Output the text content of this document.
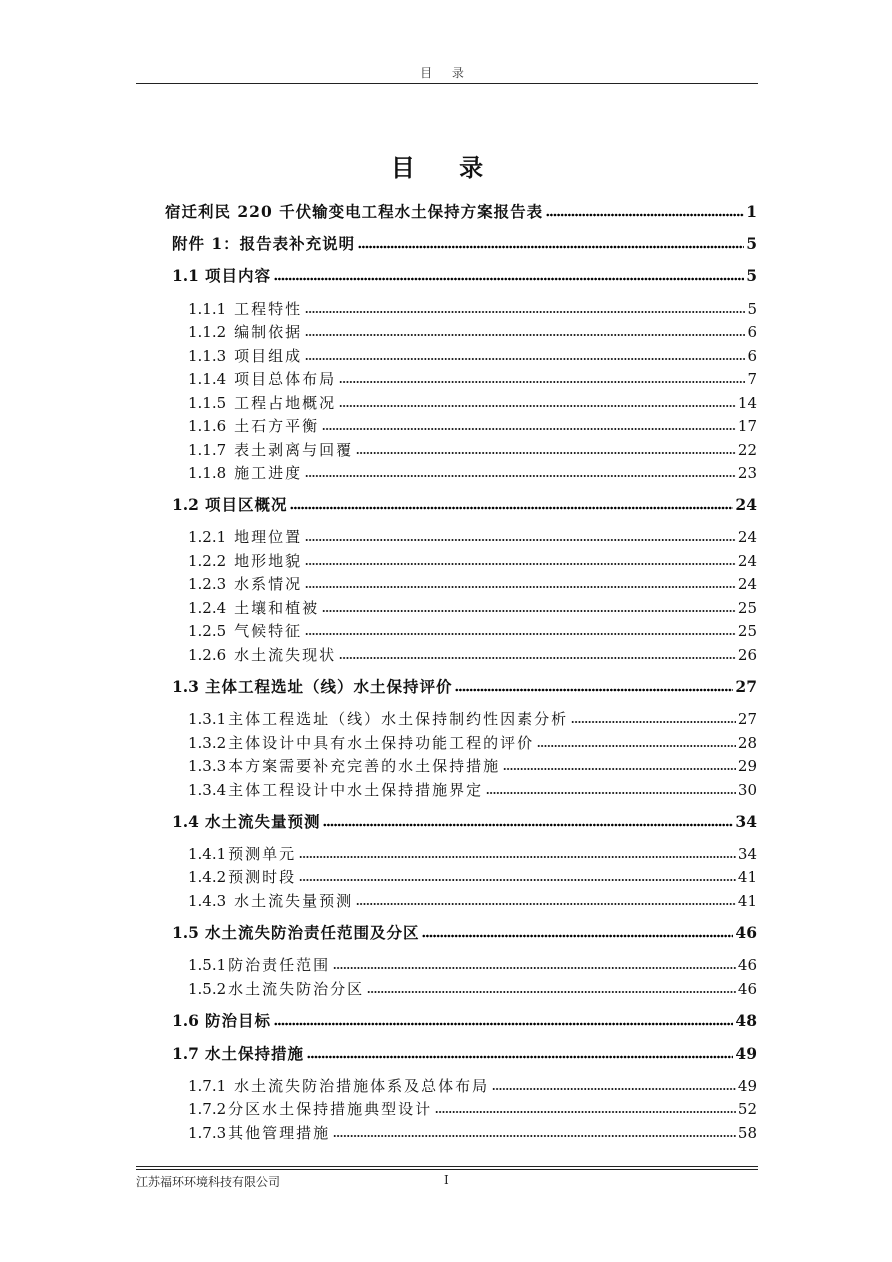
目 录
目 录
宿迁利民 220 千伏输变电工程水土保持方案报告表	1
附件 1：报告表补充说明	5
1.1 项目内容	5
1.1.1 工程特性	5
1.1.2 编制依据	6
1.1.3 项目组成	6
1.1.4 项目总体布局	7
1.1.5 工程占地概况	14
1.1.6 土石方平衡	17
1.1.7 表土剥离与回覆	22
1.1.8 施工进度	23
1.2 项目区概况	24
1.2.1 地理位置	24
1.2.2 地形地貌	24
1.2.3 水系情况	24
1.2.4 土壤和植被	25
1.2.5 气候特征	25
1.2.6 水土流失现状	26
1.3 主体工程选址（线）水土保持评价	27
1.3.1 主体工程选址（线）水土保持制约性因素分析	27
1.3.2 主体设计中具有水土保持功能工程的评价	28
1.3.3 本方案需要补充完善的水土保持措施	29
1.3.4 主体工程设计中水土保持措施界定	30
1.4 水土流失量预测	34
1.4.1 预测单元	34
1.4.2 预测时段	41
1.4.3 水土流失量预测	41
1.5 水土流失防治责任范围及分区	46
1.5.1 防治责任范围	46
1.5.2 水土流失防治分区	46
1.6 防治目标	48
1.7 水土保持措施	49
1.7.1 水土流失防治措施体系及总体布局	49
1.7.2 分区水土保持措施典型设计	52
1.7.3 其他管理措施	58
江苏福环环境科技有限公司	I
